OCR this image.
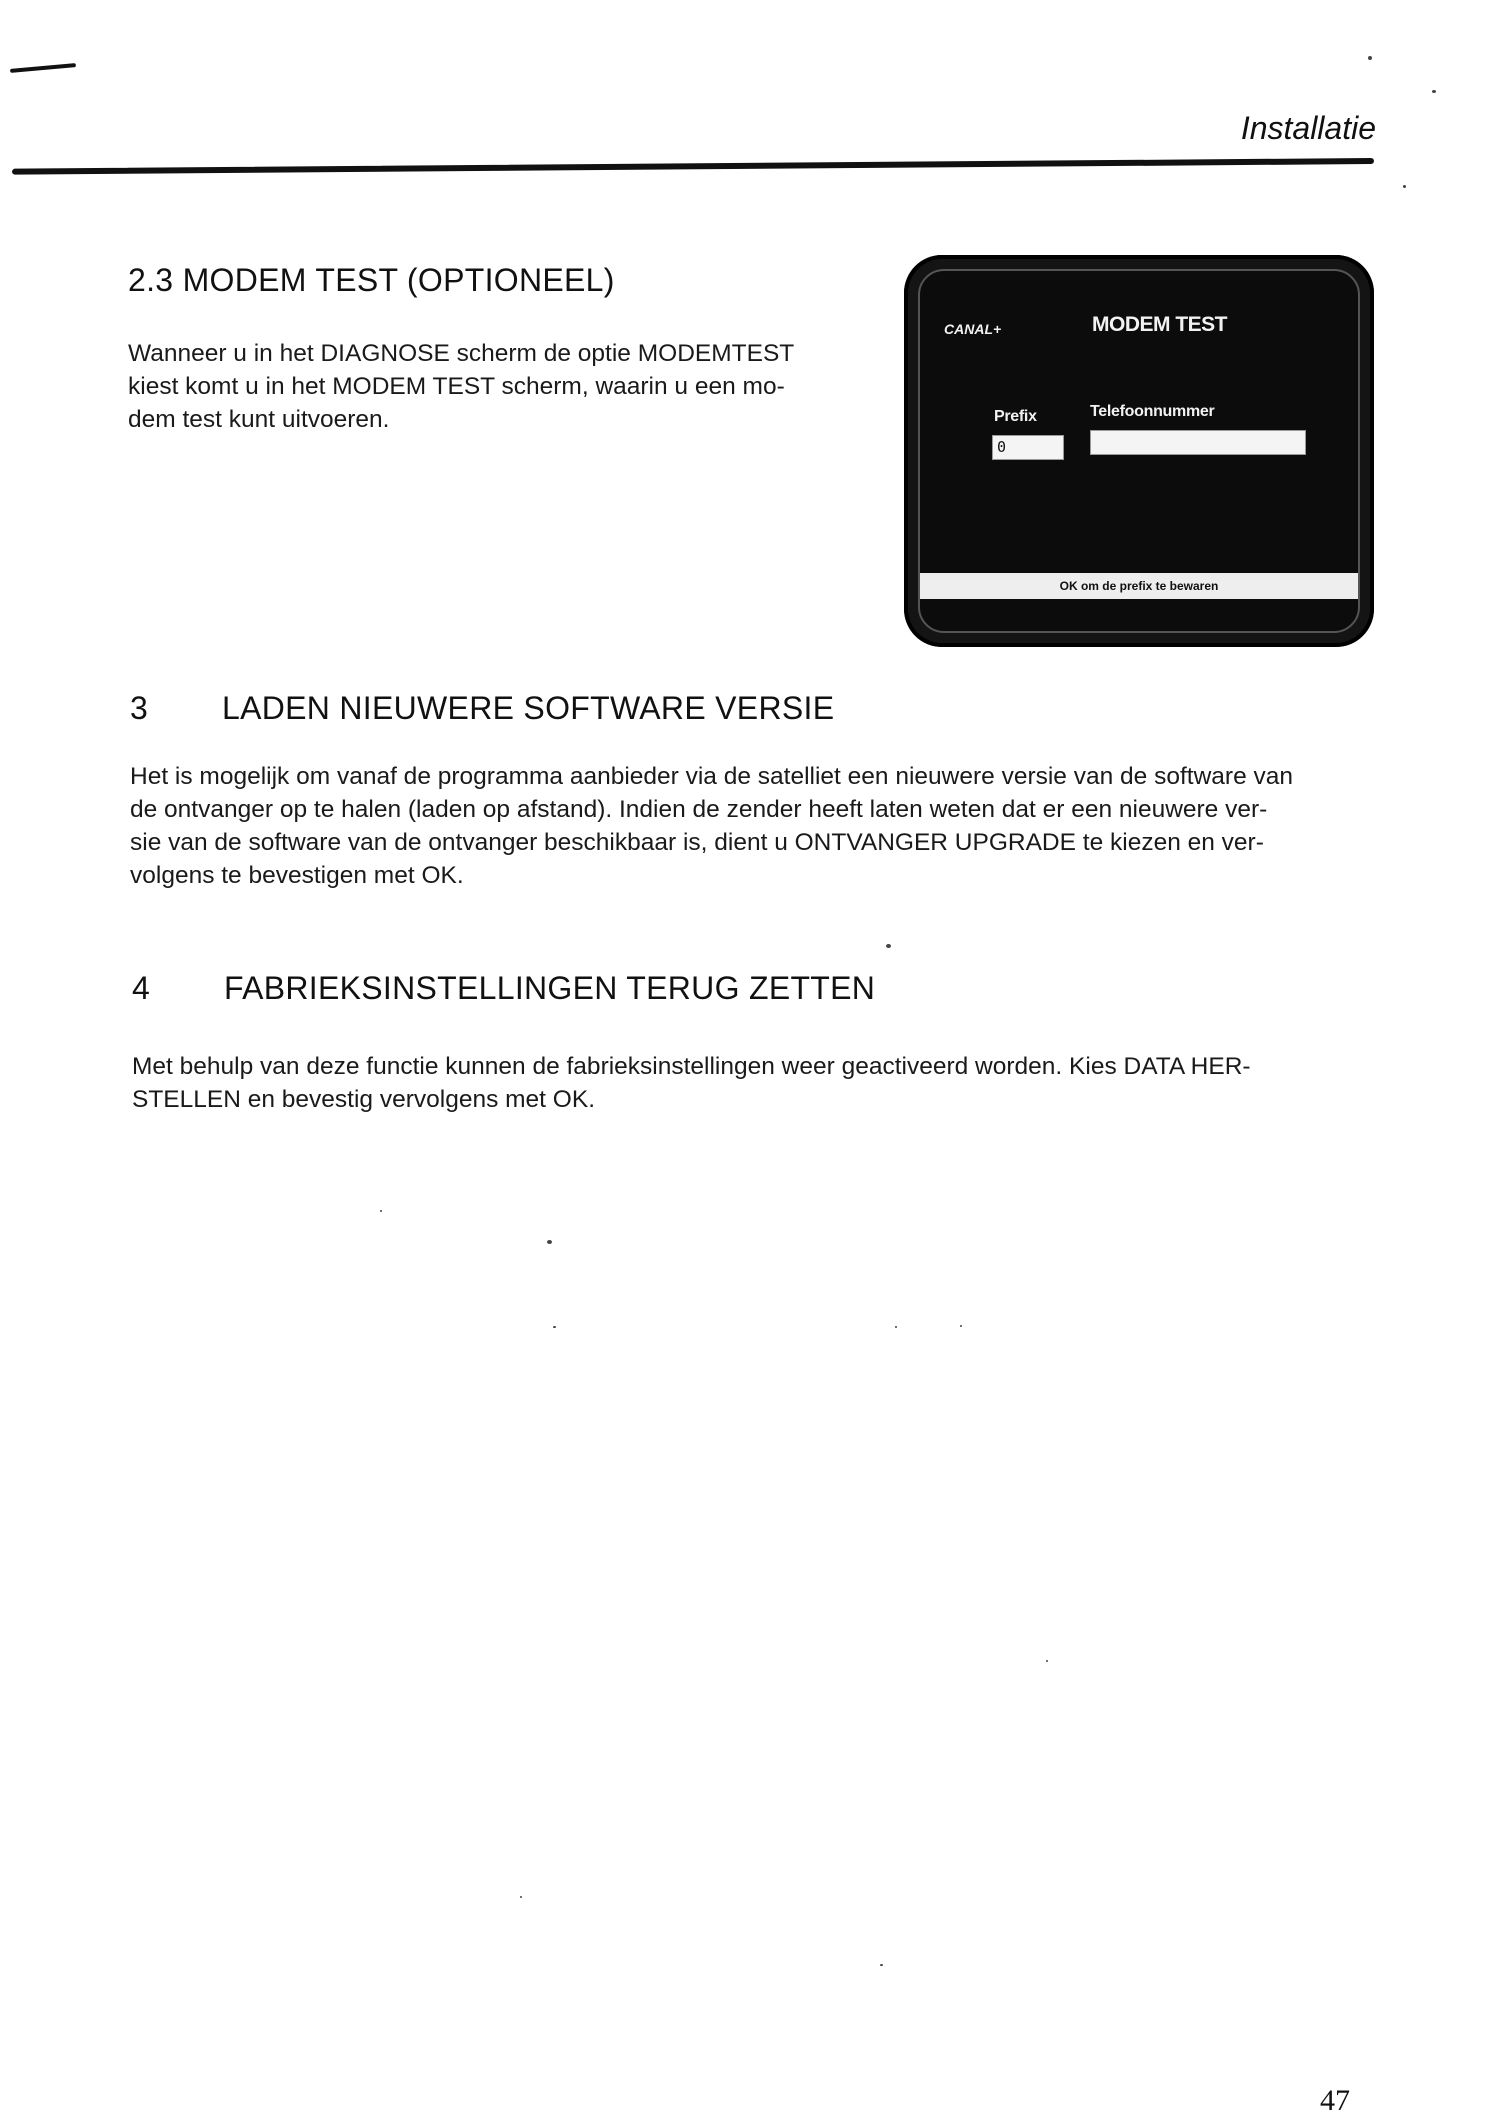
Installatie
2.3 MODEM TEST (OPTIONEEL)

Wanneer u in het DIAGNOSE scherm de optie MODEMTEST
kiest komt u in het MODEM TEST scherm, waarin u een mo-
dem test kunt uitvoeren.

CANAL+	MODEM TEST
Prefix	Telefoonnummer
0
OK om de prefix te bewaren
3 LADEN NIEUWERE SOFTWARE VERSIE

Het is mogelijk om vanaf de programma aanbieder via de satelliet een nieuwere versie van de software van
de ontvanger op te halen (laden op afstand). Indien de zender heeft laten weten dat er een nieuwere ver-
sie van de software van de ontvanger beschikbaar is, dient u ONTVANGER UPGRADE te kiezen en ver-
volgens te bevestigen met OK.

4 FABRIEKSINSTELLINGEN TERUG ZETTEN

Met behulp van deze functie kunnen de fabrieksinstellingen weer geactiveerd worden. Kies DATA HER-
STELLEN en bevestig vervolgens met OK.

47
